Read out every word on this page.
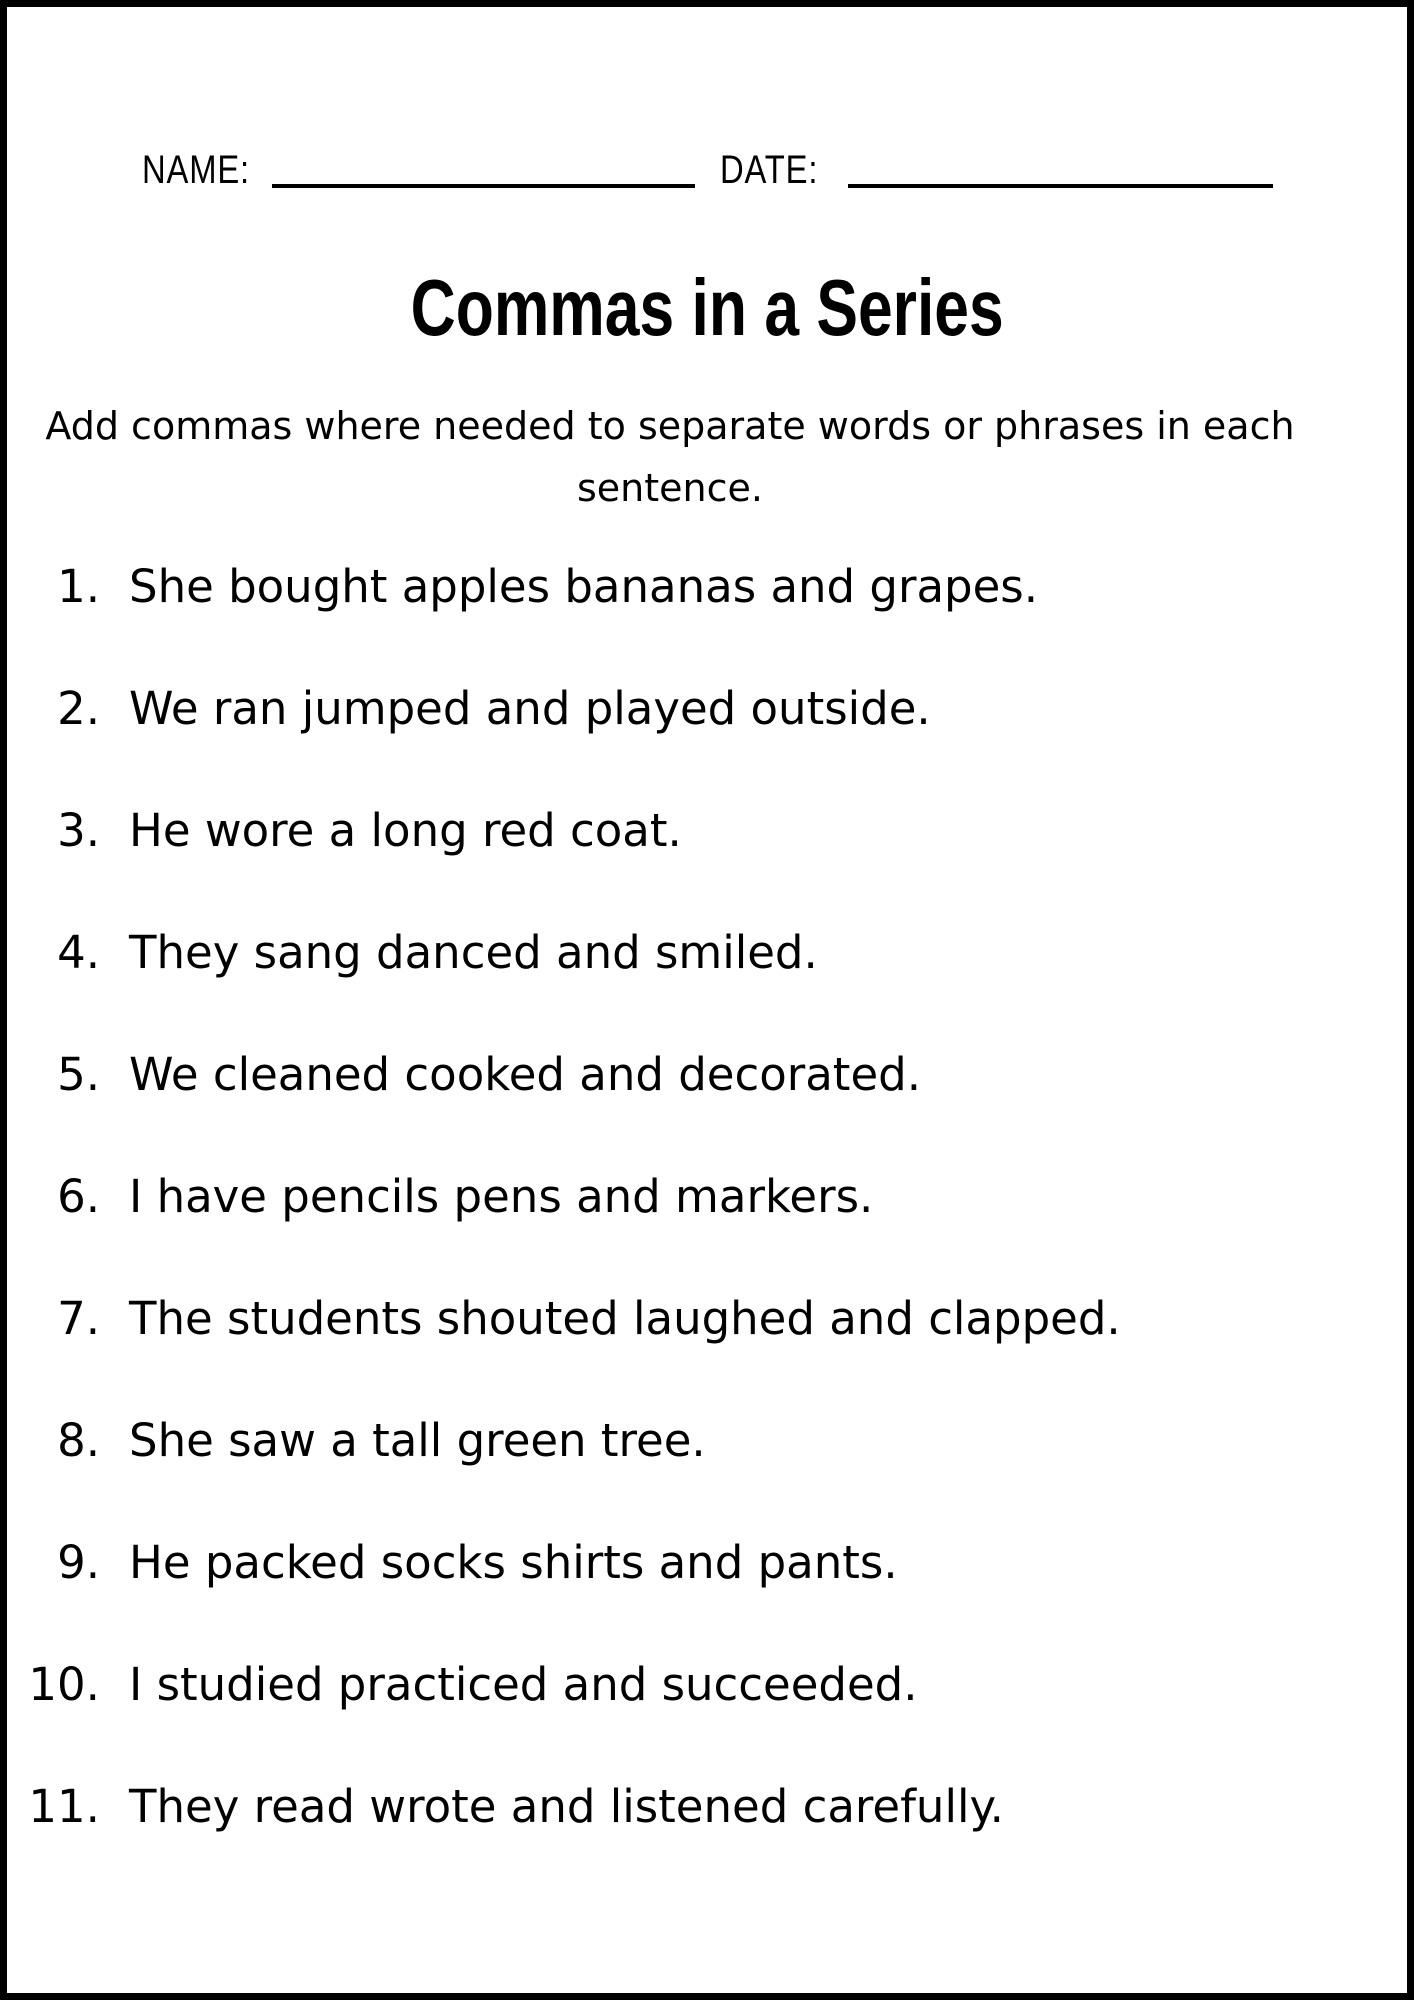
NAME:	DATE:
Commas in a Series
Add commas where needed to separate words or phrases in each sentence.
1. She bought apples bananas and grapes.
2. We ran jumped and played outside.
3. He wore a long red coat.
4. They sang danced and smiled.
5. We cleaned cooked and decorated.
6. I have pencils pens and markers.
7. The students shouted laughed and clapped.
8. She saw a tall green tree.
9. He packed socks shirts and pants.
10. I studied practiced and succeeded.
11. They read wrote and listened carefully.
